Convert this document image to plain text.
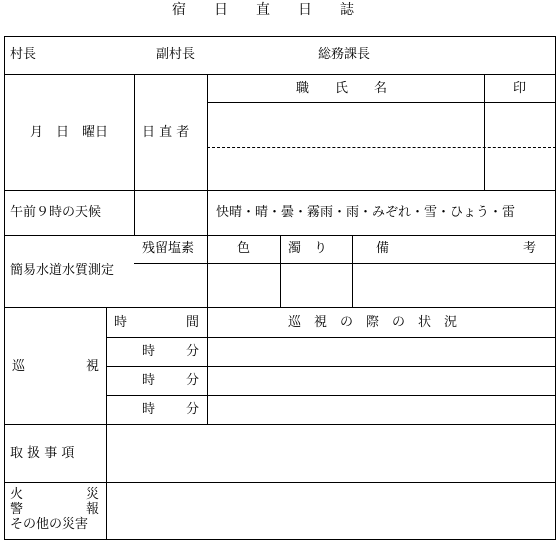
宿　　日　　直　　日　　誌
村長	副村長	総務課長
月　日　曜日	日 直 者
職　　氏　　名	印
午前９時の天候	快晴・晴・曇・霧雨・雨・みぞれ・雪・ひょう・雷
簡易水道水質測定
残留塩素	色	濁　り	備	考
巡	視
時	間	巡　視　の　際　の　状　況
時 分
時 分
時 分
取 扱 事 項
火	災
警	報
その他の災害
